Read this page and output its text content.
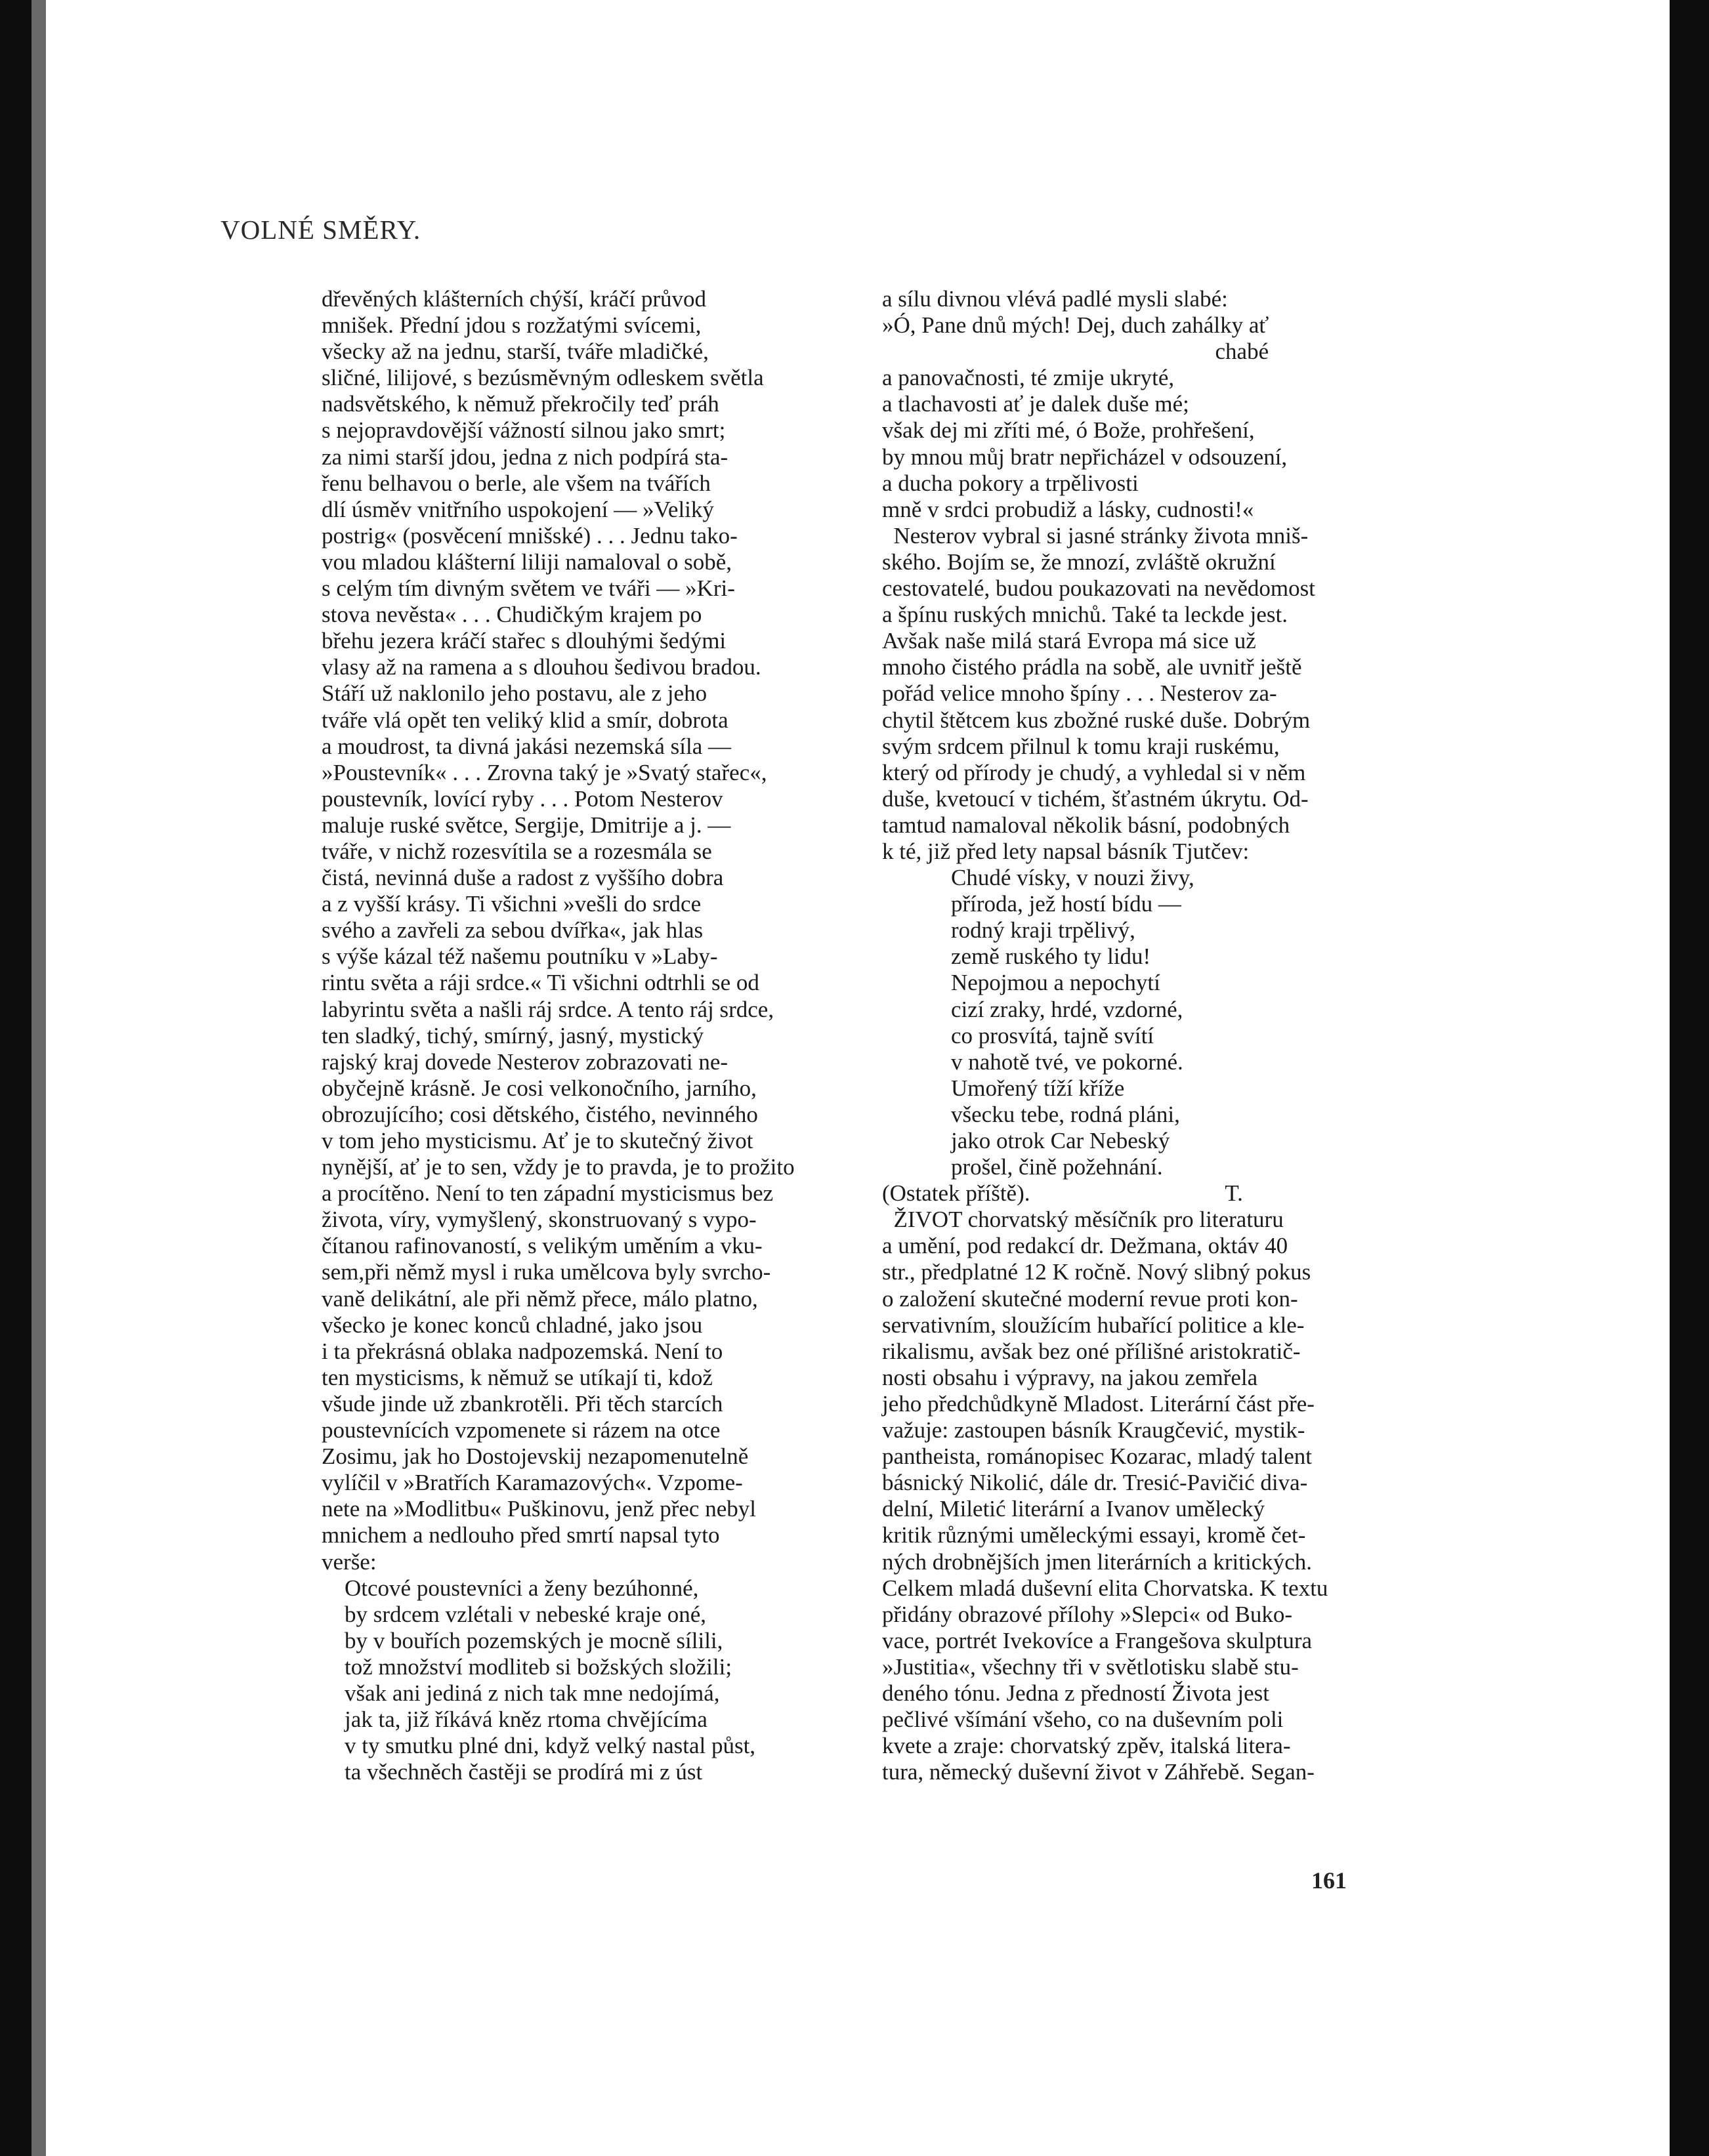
VOLNÉ SMĚRY.
dřevěných klášterních chýší, kráčí průvod
mnišek. Přední jdou s rozžatými svícemi,
všecky až na jednu, starší, tváře mladičké,
sličné, lilijové, s bezúsměvným odleskem světla
nadsvětského, k němuž překročily teď práh
s nejopravdovější vážností silnou jako smrt;
za nimi starší jdou, jedna z nich podpírá sta-
řenu belhavou o berle, ale všem na tvářích
dlí úsměv vnitřního uspokojení — »Veliký
postrig« (posvěcení mnišské) . . . Jednu tako-
vou mladou klášterní liliji namaloval o sobě,
s celým tím divným světem ve tváři — »Kri-
stova nevěsta« . . . Chudičkým krajem po
břehu jezera kráčí stařec s dlouhými šedými
vlasy až na ramena a s dlouhou šedivou bradou.
Stáří už naklonilo jeho postavu, ale z jeho
tváře vlá opět ten veliký klid a smír, dobrota
a moudrost, ta divná jakási nezemská síla —
»Poustevník« . . . Zrovna taký je »Svatý stařec«,
poustevník, lovící ryby . . . Potom Nesterov
maluje ruské světce, Sergije, Dmitrije a j. —
tváře, v nichž rozesvítila se a rozesmála se
čistá, nevinná duše a radost z vyššího dobra
a z vyšší krásy. Ti všichni »vešli do srdce
svého a zavřeli za sebou dvířka«, jak hlas
s výše kázal též našemu poutníku v »Laby-
rintu světa a ráji srdce.« Ti všichni odtrhli se od
labyrintu světa a našli ráj srdce. A tento ráj srdce,
ten sladký, tichý, smírný, jasný, mystický
rajský kraj dovede Nesterov zobrazovati ne-
obyčejně krásně. Je cosi velkonočního, jarního,
obrozujícího; cosi dětského, čistého, nevinného
v tom jeho mysticismu. Ať je to skutečný život
nynější, ať je to sen, vždy je to pravda, je to prožito
a procítěno. Není to ten západní mysticismus bez
života, víry, vymyšlený, skonstruovaný s vypo-
čítanou rafinovaností, s velikým uměním a vku-
sem,při němž mysl i ruka umělcova byly svrcho-
vaně delikátní, ale při němž přece, málo platno,
všecko je konec konců chladné, jako jsou
i ta překrásná oblaka nadpozemská. Není to
ten mysticisms, k němuž se utíkají ti, kdož
všude jinde už zbankrotěli. Při těch starcích
poustevnících vzpomenete si rázem na otce
Zosimu, jak ho Dostojevskij nezapomenutelně
vylíčil v »Bratřích Karamazových«. Vzpome-
nete na »Modlitbu« Puškinovu, jenž přec nebyl
mnichem a nedlouho před smrtí napsal tyto
verše:
Otcové poustevníci a ženy bezúhonné,
by srdcem vzlétali v nebeské kraje oné,
by v bouřích pozemských je mocně sílili,
tož množství modliteb si božských složili;
však ani jediná z nich tak mne nedojímá,
jak ta, již říkává kněz rtoma chvějícíma
v ty smutku plné dni, když velký nastal půst,
ta všechněch častěji se prodírá mi z úst
a sílu divnou vlévá padlé mysli slabé:
»Ó, Pane dnů mých! Dej, duch zahálky ať
chabé
a panovačnosti, té zmije ukryté,
a tlachavosti ať je dalek duše mé;
však dej mi zříti mé, ó Bože, prohřešení,
by mnou můj bratr nepřicházel v odsouzení,
a ducha pokory a trpělivosti
mně v srdci probudiž a lásky, cudnosti!«
Nesterov vybral si jasné stránky života mniš-
ského. Bojím se, že mnozí, zvláště okružní
cestovatelé, budou poukazovati na nevědomost
a špínu ruských mnichů. Také ta leckde jest.
Avšak naše milá stará Evropa má sice už
mnoho čistého prádla na sobě, ale uvnitř ještě
pořád velice mnoho špíny . . . Nesterov za-
chytil štětcem kus zbožné ruské duše. Dobrým
svým srdcem přilnul k tomu kraji ruskému,
který od přírody je chudý, a vyhledal si v něm
duše, kvetoucí v tichém, šťastném úkrytu. Od-
tamtud namaloval několik básní, podobných
k té, již před lety napsal básník Tjutčev:
Chudé vísky, v nouzi živy,
příroda, jež hostí bídu —
rodný kraji trpělivý,
země ruského ty lidu!
Nepojmou a nepochytí
cizí zraky, hrdé, vzdorné,
co prosvítá, tajně svítí
v nahotě tvé, ve pokorné.
Umořený tíží kříže
všecku tebe, rodná pláni,
jako otrok Car Nebeský
prošel, čině požehnání.
(Ostatek příště).                                  T.
ŽIVOT chorvatský měsíčník pro literaturu
a umění, pod redakcí dr. Dežmana, oktáv 40
str., předplatné 12 K ročně. Nový slibný pokus
o založení skutečné moderní revue proti kon-
servativním, sloužícím hubařící politice a kle-
rikalismu, avšak bez oné přílišné aristokratič-
nosti obsahu i výpravy, na jakou zemřela
jeho předchůdkyně Mladost. Literární část pře-
važuje: zastoupen básník Kraugčević, mystik-
pantheista, románopisec Kozarac, mladý talent
básnický Nikolić, dále dr. Tresić-Pavičić diva-
delní, Miletić literární a Ivanov umělecký
kritik různými uměleckými essayi, kromě čet-
ných drobnějších jmen literárních a kritických.
Celkem mladá duševní elita Chorvatska. K textu
přidány obrazové přílohy »Slepci« od Buko-
vace, portrét Ivekovíce a Frangešova skulptura
»Justitia«, všechny tři v světlotisku slabě stu-
deného tónu. Jedna z předností Života jest
pečlivé všímání všeho, co na duševním poli
kvete a zraje: chorvatský zpěv, italská litera-
tura, německý duševní život v Záhřebě. Segan-
161
